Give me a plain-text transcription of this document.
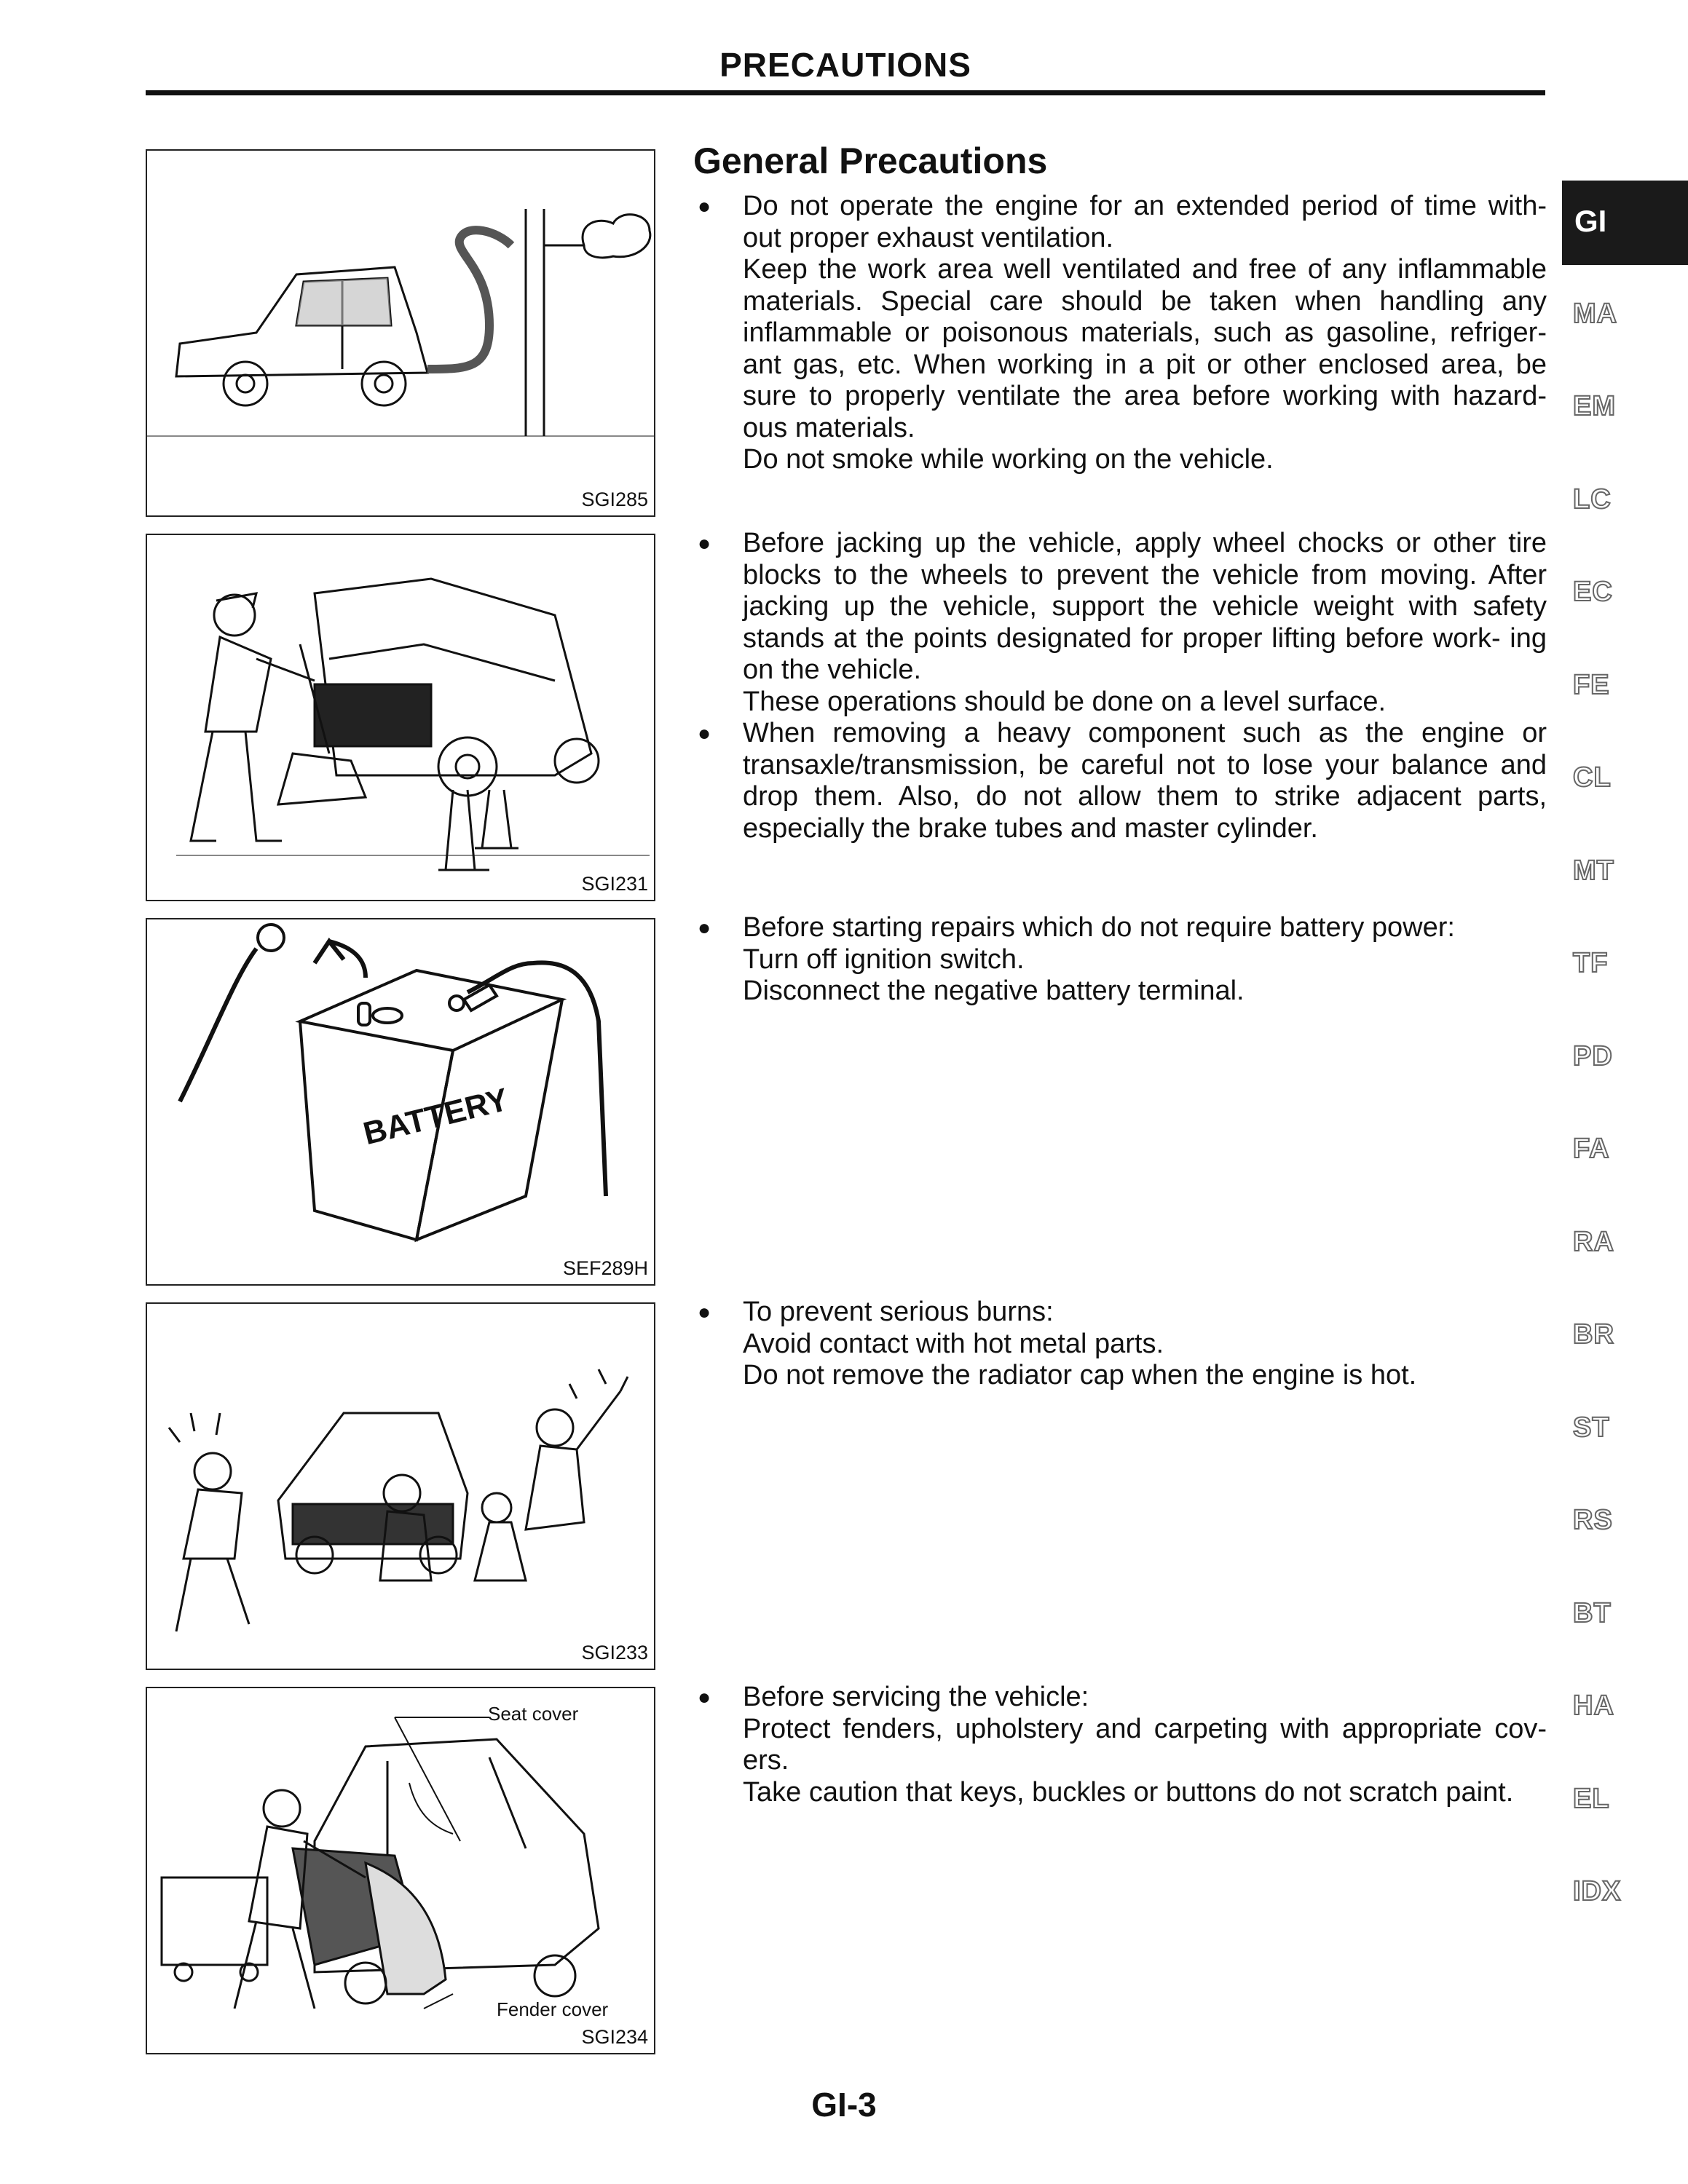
PRECAUTIONS
General Precautions
SGI285
SGI231
BATTERY
SEF289H
SGI233
Seat cover
Fender cover
SGI234
● Do not operate the engine for an extended period of time with- out proper exhaust ventilation.

Keep the work area well ventilated and free of any inflammable materials. Special care should be taken when handling any inflammable or poisonous materials, such as gasoline, refriger- ant gas, etc. When working in a pit or other enclosed area, be sure to properly ventilate the area before working with hazard- ous materials.

Do not smoke while working on the vehicle.

● Before jacking up the vehicle, apply wheel chocks or other tire blocks to the wheels to prevent the vehicle from moving. After jacking up the vehicle, support the vehicle weight with safety stands at the points designated for proper lifting before work- ing on the vehicle.

These operations should be done on a level surface.

● When removing a heavy component such as the engine or transaxle/transmission, be careful not to lose your balance and drop them. Also, do not allow them to strike adjacent parts, especially the brake tubes and master cylinder.

● Before starting repairs which do not require battery power:

Turn off ignition switch.

Disconnect the negative battery terminal.

● To prevent serious burns:

Avoid contact with hot metal parts.

Do not remove the radiator cap when the engine is hot.

● Before servicing the vehicle:

Protect fenders, upholstery and carpeting with appropriate cov- ers.

Take caution that keys, buckles or buttons do not scratch paint.

GI
MA
EM
LC
EC
FE
CL
MT
TF
PD
FA
RA
BR
ST
RS
BT
HA
EL
IDX
GI-3
